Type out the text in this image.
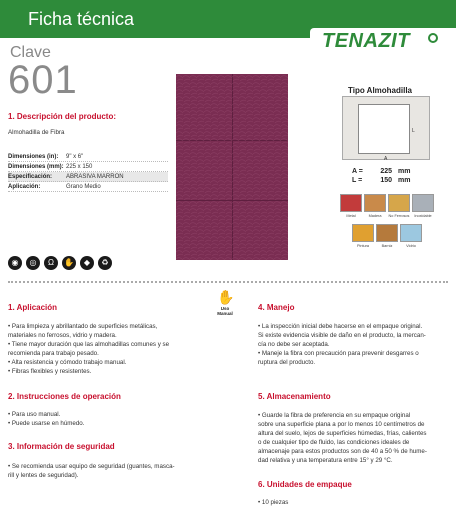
Ficha técnica
TENAZIT
Clave
601
1. Descripción del producto:
Almohadilla de Fibra
Dimensiones (in):	9" x 6"
Dimensiones (mm): 225 x 150
Especificación:	ABRASIVA MARRON
Aplicación:	Grano Medio
Tipo Almohadilla
L
A
A =	225 mm
L =	150 mm
Metal	Madera	No Ferrosos	Inoxidable
Pintura	Barniz	Vidrio
◉	◎	Ω	✋	◆	♻
✋
Uso
Manual
1. Aplicación
• Para limpieza y abrillantado de superficies metálicas,
materiales no ferrosos, vidrio y madera.
• Tiene mayor duración que las almohadillas comunes y se
recomienda para trabajo pesado.
• Alta resistencia y cómodo trabajo manual.
• Fibras flexibles y resistentes.
2. Instrucciones de operación
• Para uso manual.
• Puede usarse en húmedo.
3. Información de seguridad
• Se recomienda usar equipo de seguridad (guantes, masca-
rill y lentes de seguridad).
4. Manejo
• La inspección inicial debe hacerse en el empaque original.
Si existe evidencia visible de daño en el producto, la mercan-
cía no debe ser aceptada.
• Maneje la fibra con precaución para prevenir desgarres o
ruptura del producto.
5. Almacenamiento
• Guarde la fibra de preferencia en su empaque original
sobre una superficie plana a por lo menos 10 centímetros de
altura del suelo, lejos de superficies húmedas, frías, calientes
o de cualquier tipo de fluido, las condiciones ideales de
almacenaje para estos productos son de 40 a 50 % de hume-
dad relativa y una temperatura entre 15° y 29 °C.
6. Unidades de empaque
• 10 piezas
